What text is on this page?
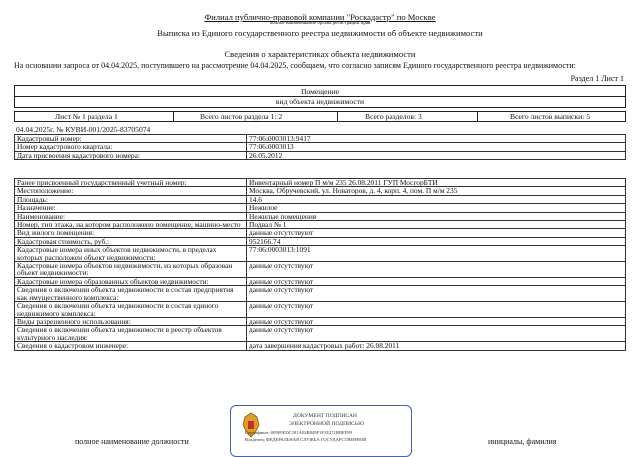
Филиал публично-правовой компании "Роскадастр" по Москве
полное наименование органа регистрации прав
Выписка из Единого государственного реестра недвижимости об объекте недвижимости
Сведения о характеристиках объекта недвижимости
На основании запроса от 04.04.2025, поступившего на рассмотрение 04.04.2025, сообщаем, что согласно записям Единого государственного реестра недвижимости:
Раздел 1 Лист 1
Помещение
вид объекта недвижимости
Лист № 1 раздела 1	Всего листов раздела 1: 2	Всего разделов: 3	Всего листов выписки: 5
04.04.2025г. № КУВИ-001/2025-83705074
Кадастровый номер:	77:06:0003013:9417
Номер кадастрового квартала:	77:06:0003013
Дата присвоения кадастрового номера:	26.05.2012
Ранее присвоенный государственный учетный номер:	Инвентарный номер П м/м 235 26.08.2011 ГУП МосгорБТИ
Местоположение:	Москва, Обручевский, ул. Новаторов, д. 4, корп. 4, пом. П м/м 235
Площадь:	14.6
Назначение:	Нежилое
Наименование:	Нежилые помещения
Номер, тип этажа, на котором расположено помещение, машино-место	Подвал № 1
Вид жилого помещения:	данные отсутствуют
Кадастровая стоимость, руб.:	952166.74
Кадастровые номера иных объектов недвижимости, в пределах которых расположен объект недвижимости:	77:06:0003013:1091
Кадастровые номера объектов недвижимости, из которых образован объект недвижимости:	данные отсутствуют
Кадастровые номера образованных объектов недвижимости:	данные отсутствуют
Сведения о включении объекта недвижимости в состав предприятия как имущественного комплекса:	данные отсутствуют
Сведения о включении объекта недвижимости в состав единого недвижимого комплекса:	данные отсутствуют
Виды разрешенного использования:	данные отсутствуют
Сведения о включении объекта недвижимости в реестр объектов культурного наследия:	данные отсутствуют
Сведения о кадастровом инженере:	дата завершения кадастровых работ: 26.08.2011
ДОКУМЕНТ ПОДПИСАН
ЭЛЕКТРОННОЙ ПОДПИСЬЮ
Сертификат: 009F0EDC181A02B849F1F1E271BBEF89
Владелец: ФЕДЕРАЛЬНАЯ СЛУЖБА ГОСУДАРСТВЕННОЙ
полное наименование должности	инициалы, фамилия
